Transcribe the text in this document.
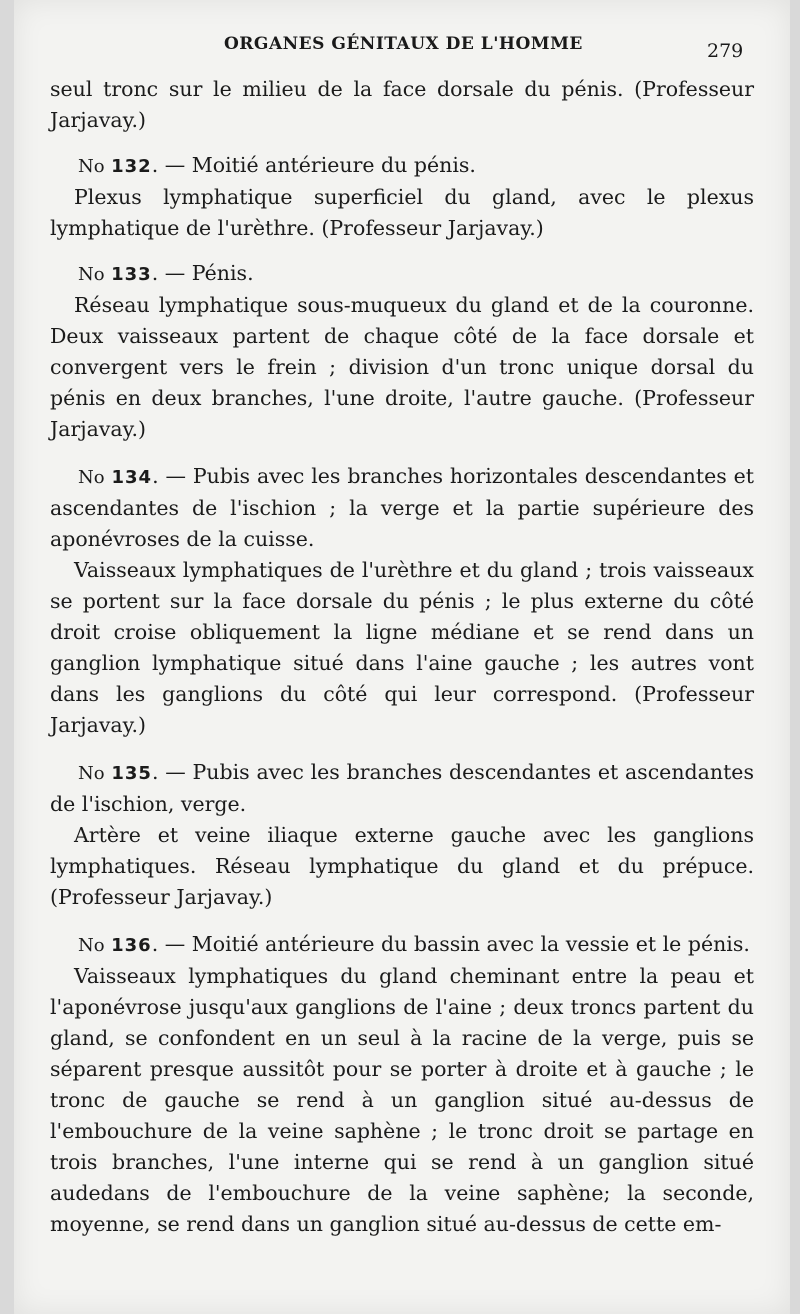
ORGANES GÉNITAUX DE L'HOMME	279

seul tronc sur le milieu de la face dorsale du pénis. (Professeur Jarjavay.)

No 132. — Moitié antérieure du pénis.

Plexus lymphatique superficiel du gland, avec le plexus lymphatique de l'urèthre. (Professeur Jarjavay.)

No 133. — Pénis.

Réseau lymphatique sous-muqueux du gland et de la couronne. Deux vaisseaux partent de chaque côté de la face dorsale et convergent vers le frein ; division d'un tronc unique dorsal du pénis en deux branches, l'une droite, l'autre gauche. (Professeur Jarjavay.)

No 134. — Pubis avec les branches horizontales descendantes et ascendantes de l'ischion ; la verge et la partie supérieure des aponévroses de la cuisse.

Vaisseaux lymphatiques de l'urèthre et du gland ; trois vaisseaux se portent sur la face dorsale du pénis ; le plus externe du côté droit croise obliquement la ligne médiane et se rend dans un ganglion lymphatique situé dans l'aine gauche ; les autres vont dans les ganglions du côté qui leur correspond. (Professeur Jarjavay.)

No 135. — Pubis avec les branches descendantes et ascendantes de l'ischion, verge.

Artère et veine iliaque externe gauche avec les ganglions lymphatiques. Réseau lymphatique du gland et du prépuce. (Professeur Jarjavay.)

No 136. — Moitié antérieure du bassin avec la vessie et le pénis.

Vaisseaux lymphatiques du gland cheminant entre la peau et l'aponévrose jusqu'aux ganglions de l'aine ; deux troncs partent du gland, se confondent en un seul à la racine de la verge, puis se séparent presque aussitôt pour se porter à droite et à gauche ; le tronc de gauche se rend à un ganglion situé au-dessus de l'embouchure de la veine saphène ; le tronc droit se partage en trois branches, l'une interne qui se rend à un ganglion situé audedans de l'embouchure de la veine saphène; la seconde, moyenne, se rend dans un ganglion situé au-dessus de cette em-
